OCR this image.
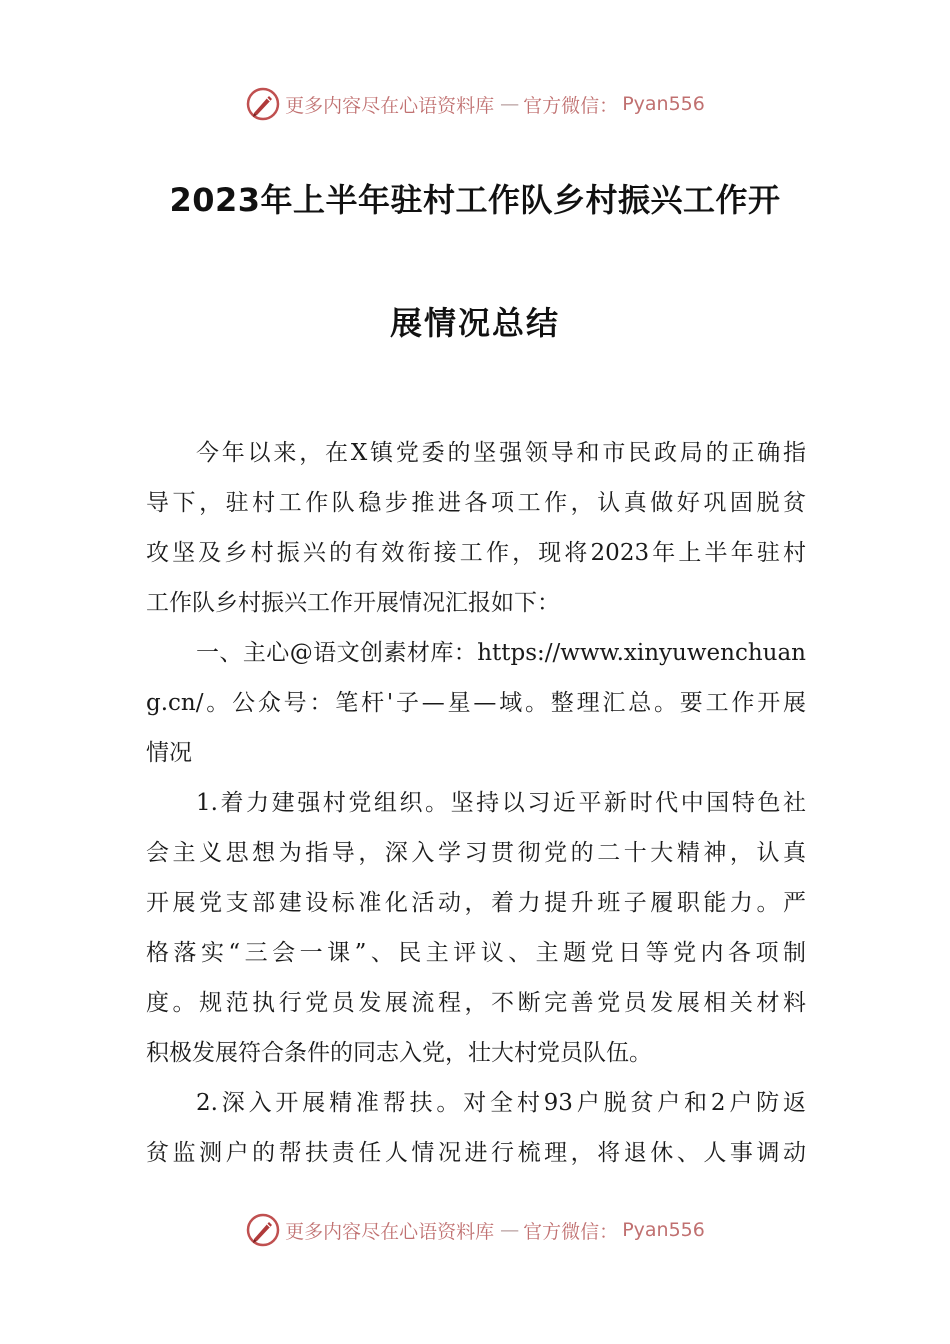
更多内容尽在心语资料库 — 官方微信： Pyan556
2023年上半年驻村工作队乡村振兴工作开
展情况总结
今年以来，在X镇党委的坚强领导和市民政局的正确指
导下，驻村工作队稳步推进各项工作，认真做好巩固脱贫
攻坚及乡村振兴的有效衔接工作，现将2023年上半年驻村
工作队乡村振兴工作开展情况汇报如下：
一、主心@语文创素材库：https://www.xinyuwenchuan
g.cn/。公众号：笔杆'子—星—域。整理汇总。要工作开展
情况
1.着力建强村党组织。坚持以习近平新时代中国特色社
会主义思想为指导，深入学习贯彻党的二十大精神，认真
开展党支部建设标准化活动，着力提升班子履职能力。严
格落实“三会一课”、民主评议、主题党日等党内各项制
度。规范执行党员发展流程，不断完善党员发展相关材料
积极发展符合条件的同志入党，壮大村党员队伍。
2.深入开展精准帮扶。对全村93户脱贫户和2户防返
贫监测户的帮扶责任人情况进行梳理，将退休、人事调动
更多内容尽在心语资料库 — 官方微信： Pyan556
